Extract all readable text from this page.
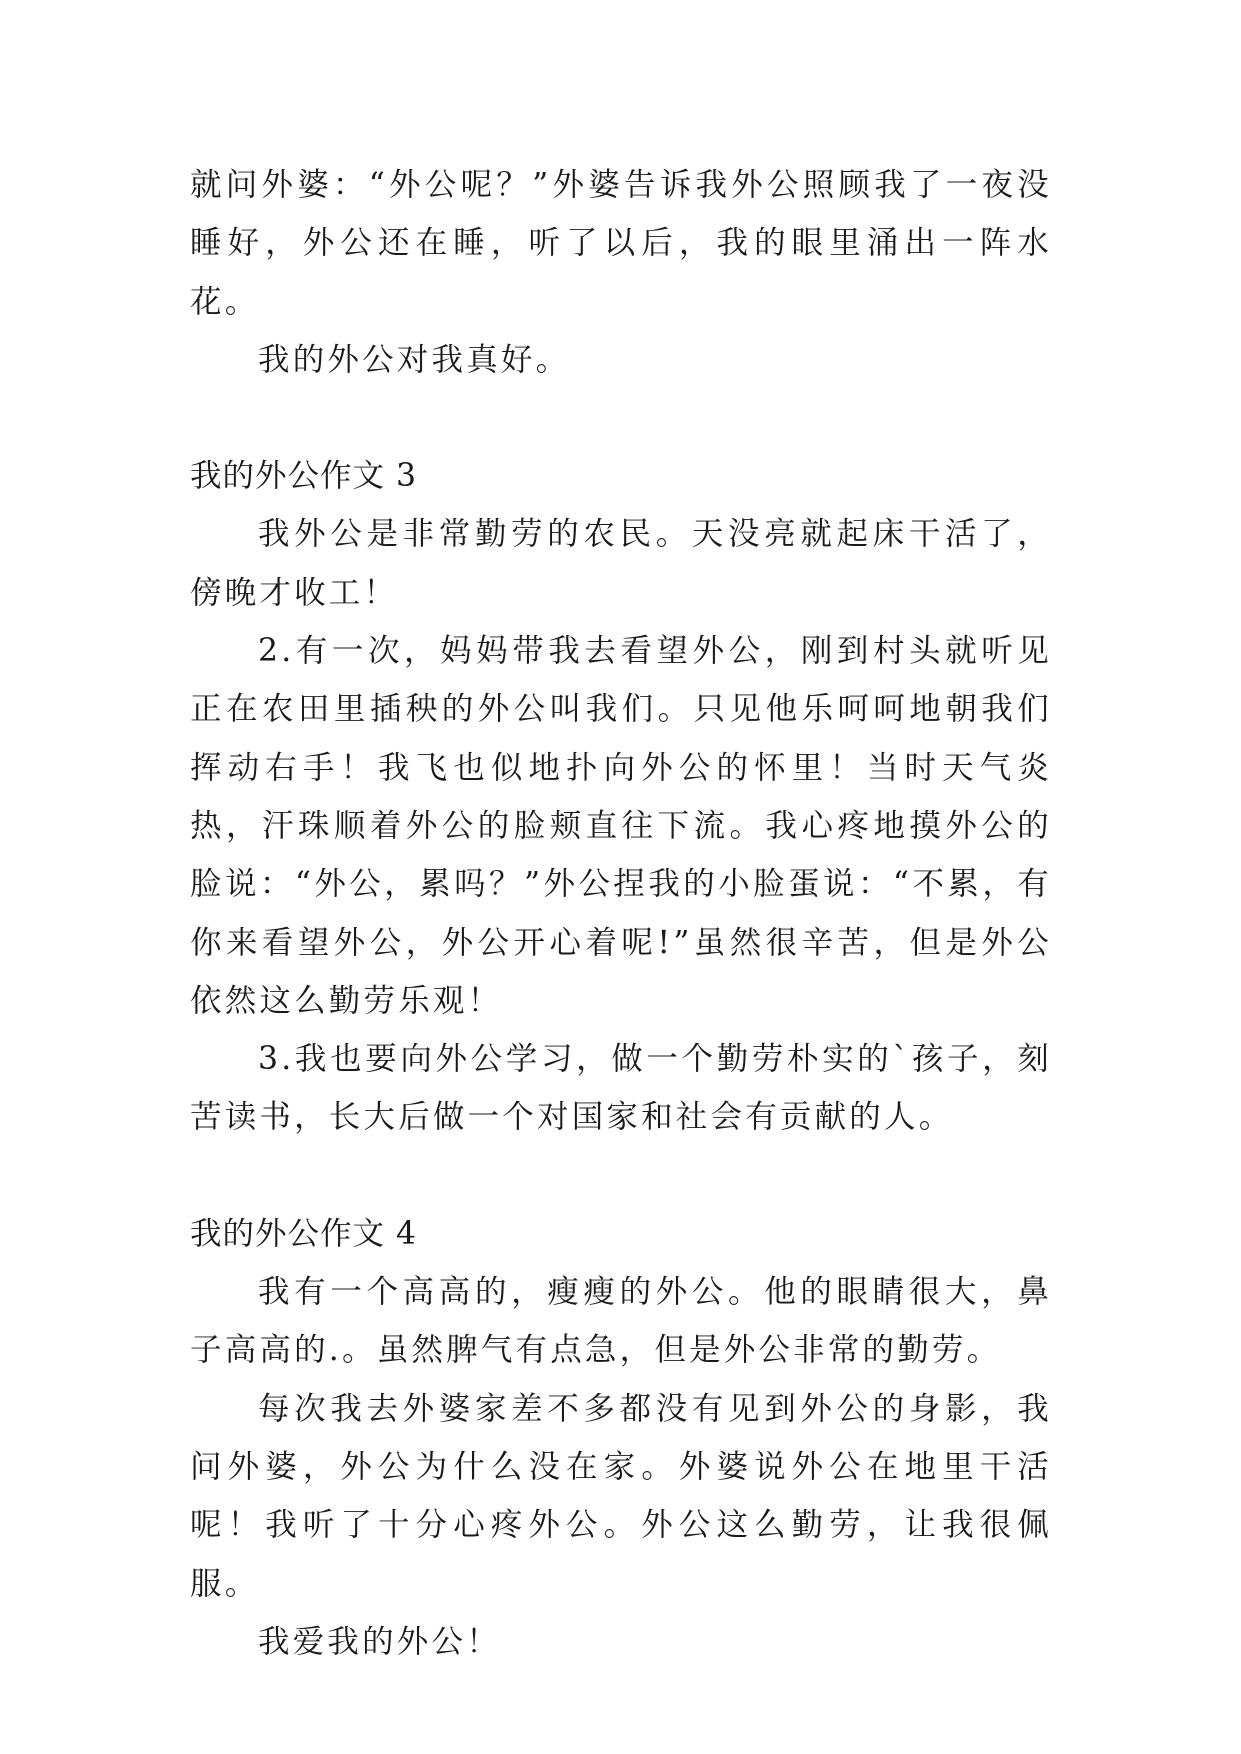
就问外婆：“外公呢？”外婆告诉我外公照顾我了一夜没睡好，外公还在睡，听了以后，我的眼里涌出一阵水花。

我的外公对我真好。

我的外公作文 3

我外公是非常勤劳的农民。天没亮就起床干活了，傍晚才收工！

2.有一次，妈妈带我去看望外公，刚到村头就听见正在农田里插秧的外公叫我们。只见他乐呵呵地朝我们挥动右手！我飞也似地扑向外公的怀里！当时天气炎热，汗珠顺着外公的脸颊直往下流。我心疼地摸外公的脸说：“外公，累吗？”外公捏我的小脸蛋说：“不累，有你来看望外公，外公开心着呢!”虽然很辛苦，但是外公依然这么勤劳乐观！

3.我也要向外公学习，做一个勤劳朴实的`孩子，刻苦读书，长大后做一个对国家和社会有贡献的人。

我的外公作文 4

我有一个高高的，瘦瘦的外公。他的眼睛很大，鼻子高高的.。虽然脾气有点急，但是外公非常的勤劳。

每次我去外婆家差不多都没有见到外公的身影，我问外婆，外公为什么没在家。外婆说外公在地里干活呢！我听了十分心疼外公。外公这么勤劳，让我很佩服。

我爱我的外公！
